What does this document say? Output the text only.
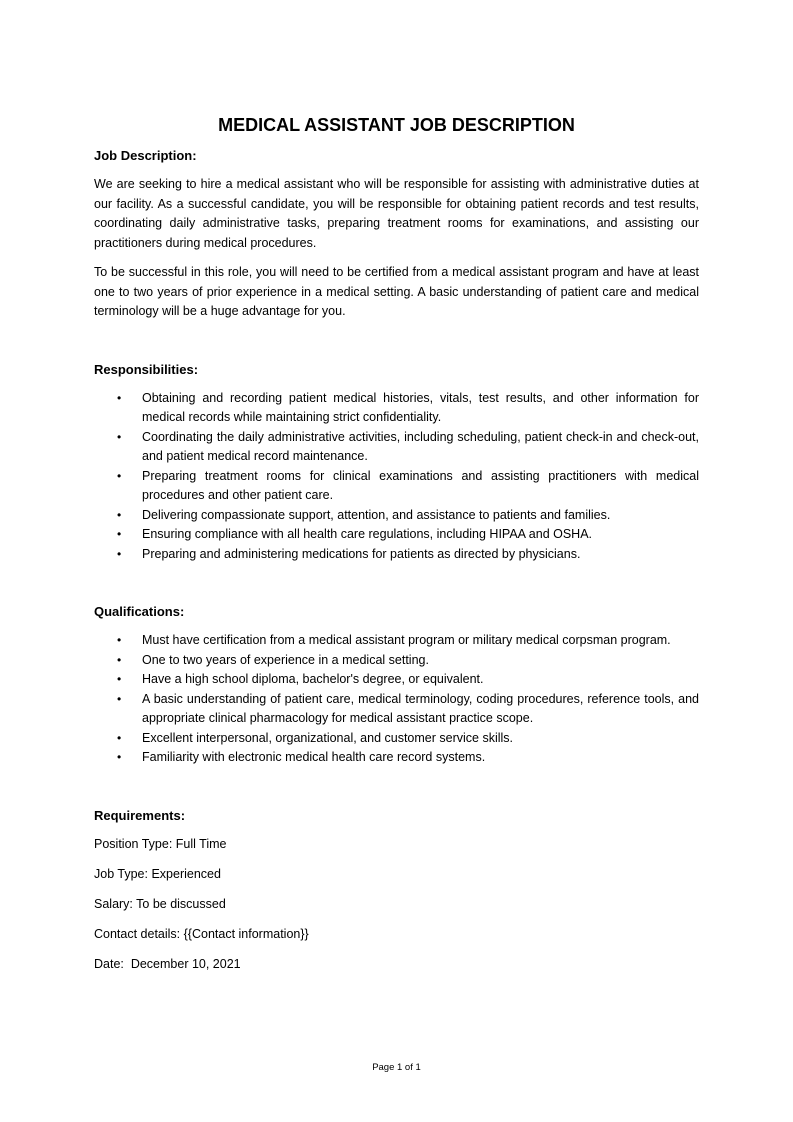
MEDICAL ASSISTANT JOB DESCRIPTION

Job Description:

We are seeking to hire a medical assistant who will be responsible for assisting with administrative duties at our facility. As a successful candidate, you will be responsible for obtaining patient records and test results, coordinating daily administrative tasks, preparing treatment rooms for examinations, and assisting our practitioners during medical procedures.

To be successful in this role, you will need to be certified from a medical assistant program and have at least one to two years of prior experience in a medical setting. A basic understanding of patient care and medical terminology will be a huge advantage for you.

Responsibilities:

• Obtaining and recording patient medical histories, vitals, test results, and other information for medical records while maintaining strict confidentiality.
• Coordinating the daily administrative activities, including scheduling, patient check-in and check-out, and patient medical record maintenance.
• Preparing treatment rooms for clinical examinations and assisting practitioners with medical procedures and other patient care.
• Delivering compassionate support, attention, and assistance to patients and families.
• Ensuring compliance with all health care regulations, including HIPAA and OSHA.
• Preparing and administering medications for patients as directed by physicians.

Qualifications:

• Must have certification from a medical assistant program or military medical corpsman program.
• One to two years of experience in a medical setting.
• Have a high school diploma, bachelor's degree, or equivalent.
• A basic understanding of patient care, medical terminology, coding procedures, reference tools, and appropriate clinical pharmacology for medical assistant practice scope.
• Excellent interpersonal, organizational, and customer service skills.
• Familiarity with electronic medical health care record systems.

Requirements:

Position Type: Full Time

Job Type: Experienced

Salary: To be discussed

Contact details: {{Contact information}}

Date:  December 10, 2021

Page 1 of 1
